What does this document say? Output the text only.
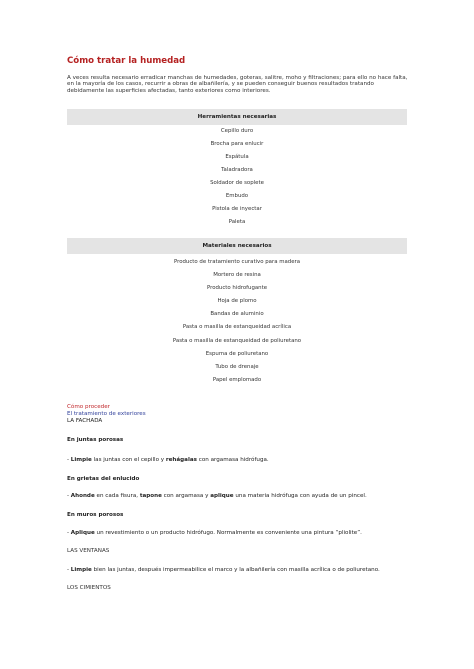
Cómo tratar la humedad
A veces resulta necesario erradicar manchas de humedades, goteras, salitre, moho y filtraciones; para ello no hace falta, en la mayoría de los casos, recurrir a obras de albañilería, y se pueden conseguir buenos resultados tratando debidamente las superficies afectadas, tanto exteriores como interiores.
Herramientas necesarias
Cepillo duro
Brocha para enlucir
Espátula
Taladradora
Soldador de soplete
Embudo
Pistola de inyectar
Paleta
Materiales necesarios
Producto de tratamiento curativo para madera
Mortero de resina
Producto hidrofugante
Hoja de plomo
Bandas de aluminio
Pasta o masilla de estanqueidad acrílica
Pasta o masilla de estanqueidad de poliuretano
Espuma de poliuretano
Tubo de drenaje
Papel emplomado
Cómo proceder
El tratamiento de exteriores
LA FACHADA
En juntas porosas
- Limpie las juntas con el cepillo y rehágalas con argamasa hidrófuga.
En grietas del enlucido
- Ahonde en cada fisura, tapone con argamasa y aplique una materia hidrófuga con ayuda de un pincel.
En muros porosos
- Aplique un revestimiento o un producto hidrófugo. Normalmente es conveniente una pintura “pliolite”.
LAS VENTANAS
- Limpie bien las juntas, después impermeabilice el marco y la albañilería con masilla acrílica o de poliuretano.
LOS CIMIENTOS
